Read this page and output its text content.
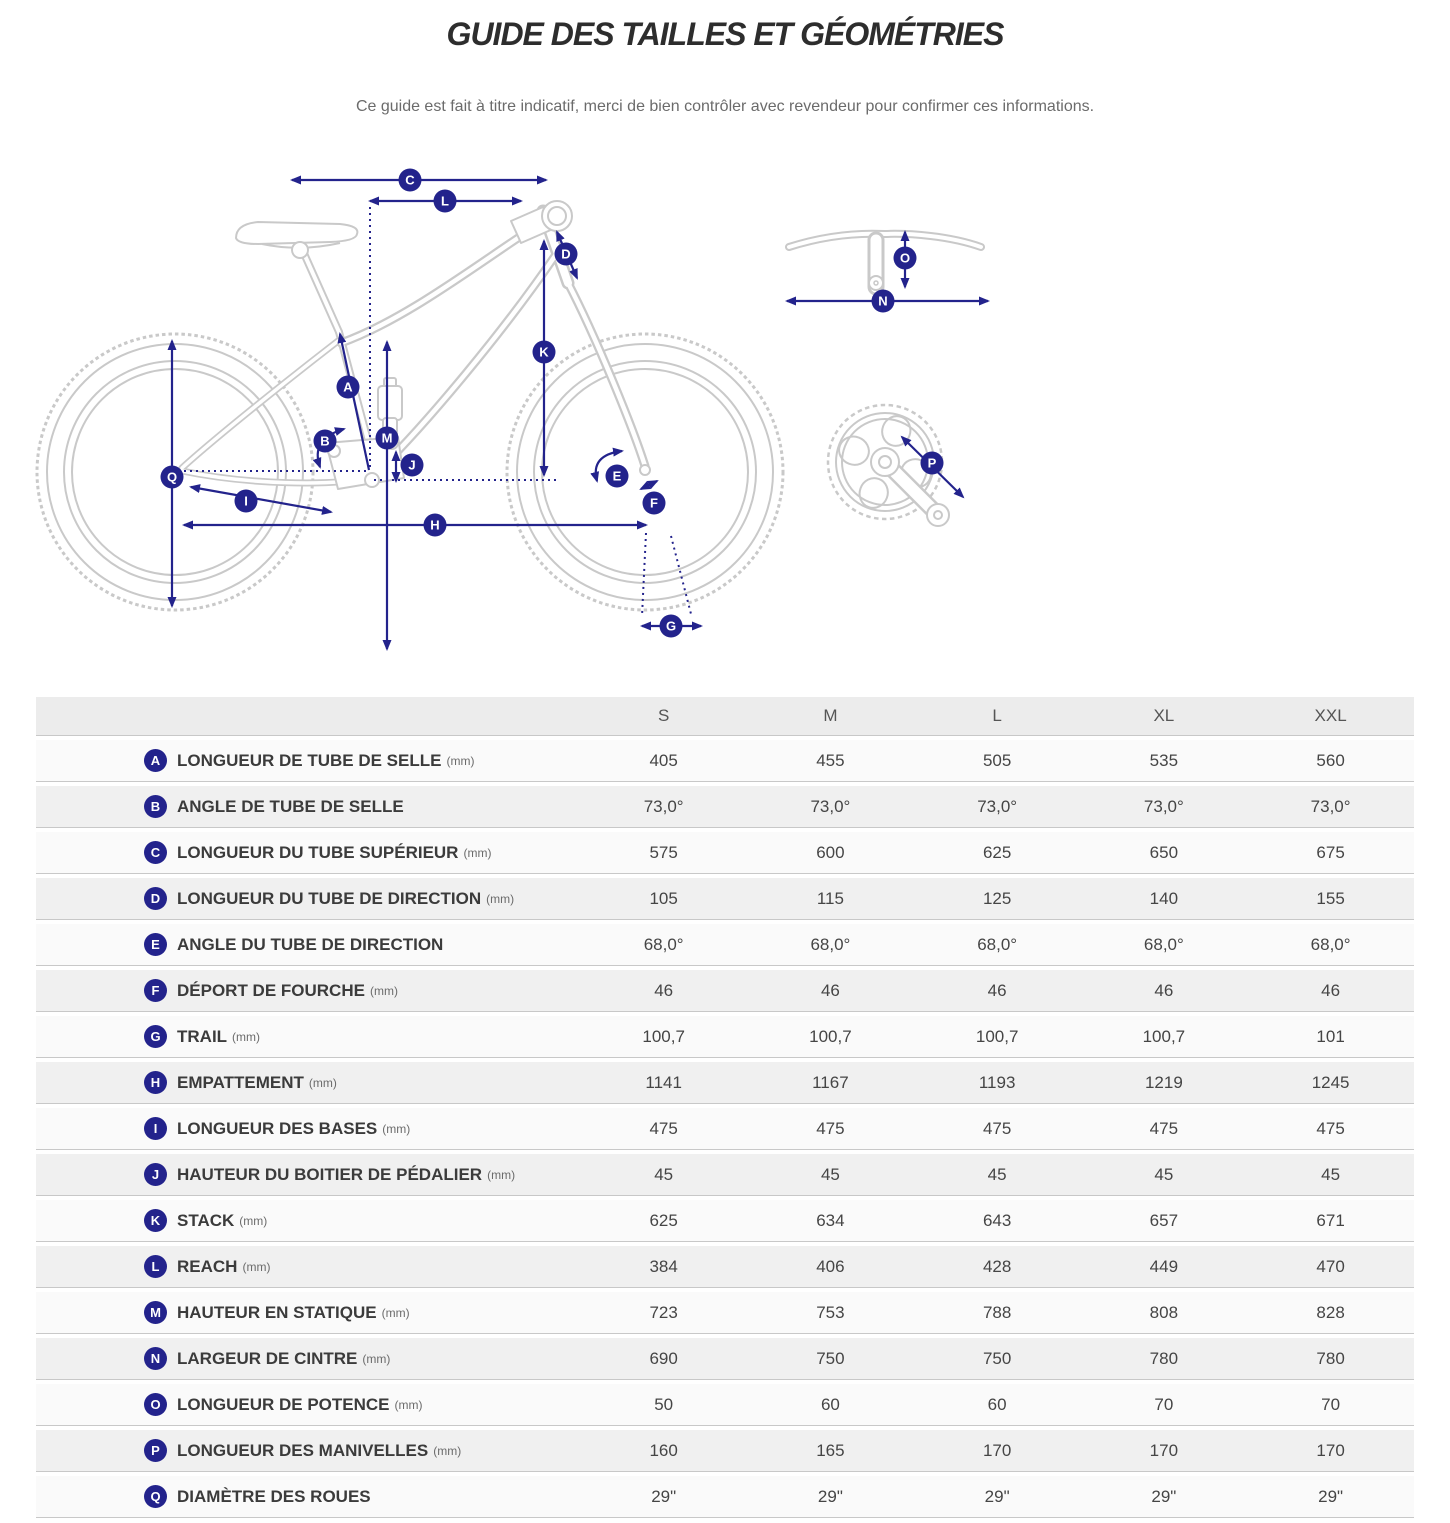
GUIDE DES TAILLES ET GÉOMÉTRIES

Ce guide est fait à titre indicatif, merci de bien contrôler avec revendeur pour confirmer ces informations.

A
B
C
D
E
F
G
H
I
J
K
L
M
N
O
P
Q
S	M	L	XL	XXL
A LONGUEUR DE TUBE DE SELLE (mm)	405	455	505	535	560
B ANGLE DE TUBE DE SELLE	73,0°	73,0°	73,0°	73,0°	73,0°
C LONGUEUR DU TUBE SUPÉRIEUR (mm)	575	600	625	650	675
D LONGUEUR DU TUBE DE DIRECTION (mm)	105	115	125	140	155
E	ANGLE DU TUBE DE DIRECTION	68,0°	68,0°	68,0°	68,0°	68,0°
F	DÉPORT DE FOURCHE (mm)	46	46	46	46	46
G TRAIL (mm)	100,7	100,7	100,7	100,7	101
H EMPATTEMENT (mm)	1141	1167	1193	1219	1245
I	LONGUEUR DES BASES (mm)	475	475	475	475	475
J	HAUTEUR DU BOITIER DE PÉDALIER (mm)	45	45	45	45	45
K STACK (mm)	625	634	643	657	671
L	REACH (mm)	384	406	428	449	470
M HAUTEUR EN STATIQUE (mm)	723	753	788	808	828
N LARGEUR DE CINTRE (mm)	690	750	750	780	780
O LONGUEUR DE POTENCE (mm)	50	60	60	70	70
P	LONGUEUR DES MANIVELLES (mm)	160	165	170	170	170
Q DIAMÈTRE DES ROUES	29"	29"	29"	29"	29"
